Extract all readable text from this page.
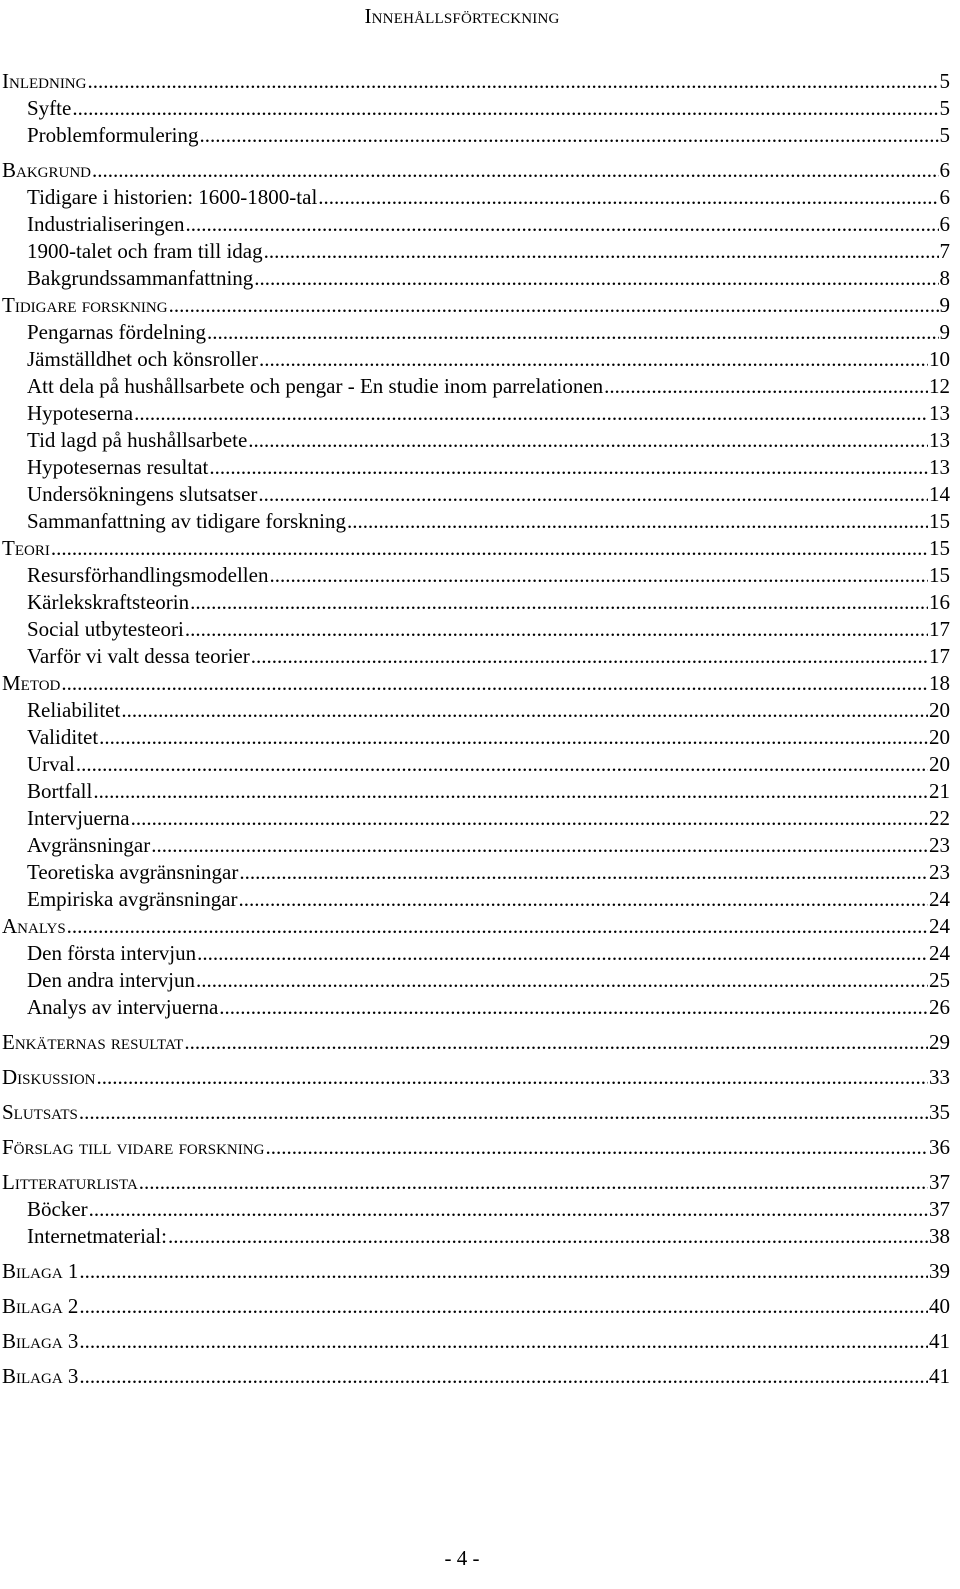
Innehållsförteckning
Inledning .....	5
Syfte .....	5
Problemformulering .....	5
Bakgrund .....	6
Tidigare i historien: 1600-1800-tal .....	6
Industrialiseringen .....	6
1900-talet och fram till idag .....	7
Bakgrundssammanfattning .....	8
Tidigare forskning .....	9
Pengarnas fördelning .....	9
Jämställdhet och könsroller .....	10
Att dela på hushållsarbete och pengar - En studie inom parrelationen .....	12
Hypoteserna .....	13
Tid lagd på hushållsarbete .....	13
Hypotesernas resultat .....	13
Undersökningens slutsatser .....	14
Sammanfattning av tidigare forskning .....	15
Teori .....	15
Resursförhandlingsmodellen .....	15
Kärlekskraftsteorin .....	16
Social utbytesteori .....	17
Varför vi valt dessa teorier .....	17
Metod .....	18
Reliabilitet .....	20
Validitet .....	20
Urval .....	20
Bortfall .....	21
Intervjuerna .....	22
Avgränsningar .....	23
Teoretiska avgränsningar .....	23
Empiriska avgränsningar .....	24
Analys .....	24
Den första intervjun .....	24
Den andra intervjun .....	25
Analys av intervjuerna .....	26
Enkäternas resultat .....	29
Diskussion .....	33
Slutsats .....	35
Förslag till vidare forskning .....	36
Litteraturlista .....	37
Böcker .....	37
Internetmaterial: .....	38
Bilaga 1 .....	39
Bilaga 2 .....	40
Bilaga 3 .....	41
Bilaga 3 .....	41
- 4 -
